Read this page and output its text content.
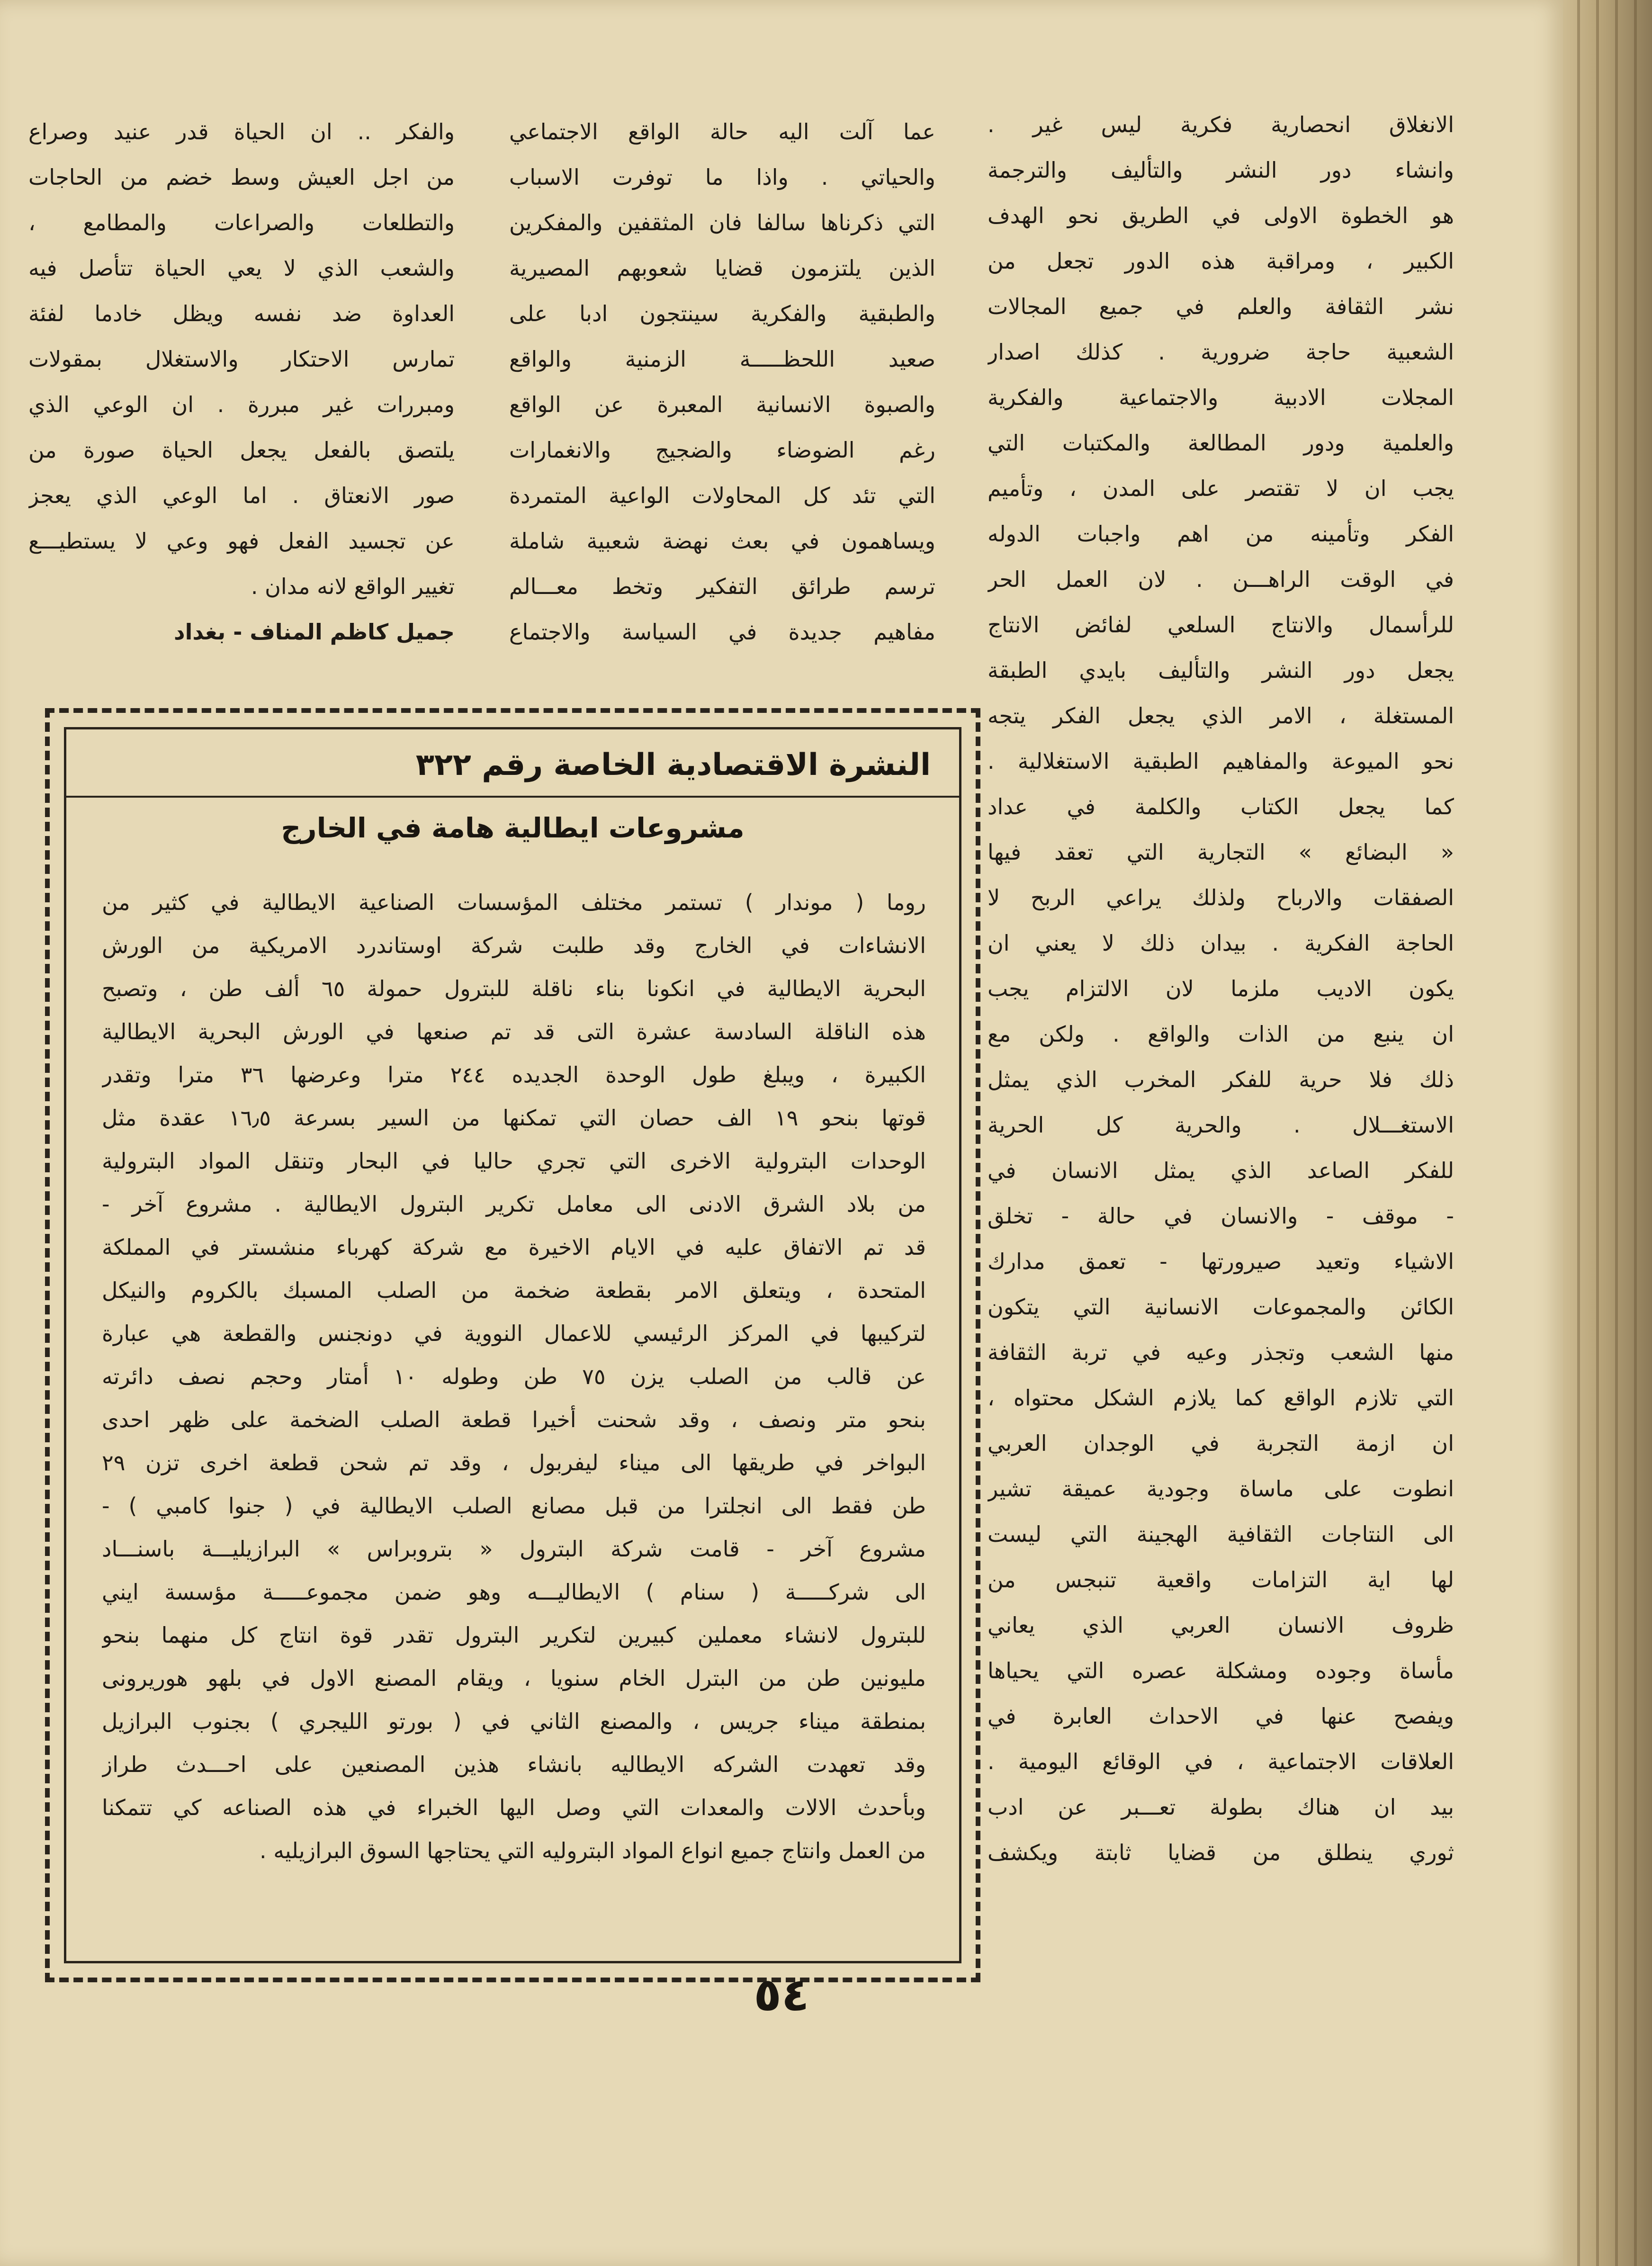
الانغلاق انحصارية فكرية ليس غير .
وانشاء دور النشر والتأليف والترجمة
هو الخطوة الاولى في الطريق نحو الهدف
الكبير ، ومراقبة هذه الدور تجعل من
نشر الثقافة والعلم في جميع المجالات
الشعبية حاجة ضرورية . كذلك اصدار
المجلات الادبية والاجتماعية والفكرية
والعلمية ودور المطالعة والمكتبات التي
يجب ان لا تقتصر على المدن ، وتأميم
الفكر وتأمينه من اهم واجبات الدوله
في الوقت الراهـــن . لان العمل الحر
للرأسمال والانتاج السلعي لفائض الانتاج
يجعل دور النشر والتأليف بايدي الطبقة
المستغلة ، الامر الذي يجعل الفكر يتجه
نحو الميوعة والمفاهيم الطبقية الاستغلالية .
كما يجعل الكتاب والكلمة في عداد
« البضائع » التجارية التي تعقد فيها
الصفقات والارباح ولذلك يراعي الربح لا
الحاجة الفكرية . بيدان ذلك لا يعني ان
يكون الاديب ملزما لان الالتزام يجب
ان ينبع من الذات والواقع . ولكن مع
ذلك فلا حرية للفكر المخرب الذي يمثل
الاستغـــلال . والحرية كل الحرية
للفكر الصاعد الذي يمثل الانسان في
- موقف - والانسان في حالة - تخلق
الاشياء وتعيد صيرورتها - تعمق مدارك
الكائن والمجموعات الانسانية التي يتكون
منها الشعب وتجذر وعيه في تربة الثقافة
التي تلازم الواقع كما يلازم الشكل محتواه ،
ان ازمة التجربة في الوجدان العربي
انطوت على ماساة وجودية عميقة تشير
الى النتاجات الثقافية الهجينة التي ليست
لها اية التزامات واقعية تنبجس من
ظروف الانسان العربي الذي يعاني
مأساة وجوده ومشكلة عصره التي يحياها
ويفصح عنها في الاحداث العابرة في
العلاقات الاجتماعية ، في الوقائع اليومية .
بيد ان هناك بطولة تعـــبر عن ادب
ثوري ينطلق من قضايا ثابتة ويكشف
عما آلت اليه حالة الواقع الاجتماعي
والحياتي . واذا ما توفرت الاسباب
التي ذكرناها سالفا فان المثقفين والمفكرين
الذين يلتزمون قضايا شعوبهم المصيرية
والطبقية والفكرية سينتجون ادبا على
صعيد اللحظـــــة الزمنية والواقع
والصبوة الانسانية المعبرة عن الواقع
رغم الضوضاء والضجيج والانغمارات
التي تئد كل المحاولات الواعية المتمردة
ويساهمون في بعث نهضة شعبية شاملة
ترسم طرائق التفكير وتخط معـــالم
مفاهيم جديدة في السياسة والاجتماع
والفكر .. ان الحياة قدر عنيد وصراع
من اجل العيش وسط خضم من الحاجات
والتطلعات والصراعات والمطامع ،
والشعب الذي لا يعي الحياة تتأصل فيه
العداوة ضد نفسه ويظل خادما لفئة
تمارس الاحتكار والاستغلال بمقولات
ومبررات غير مبررة . ان الوعي الذي
يلتصق بالفعل يجعل الحياة صورة من
صور الانعتاق . اما الوعي الذي يعجز
عن تجسيد الفعل فهو وعي لا يستطيـــع
تغيير الواقع لانه مدان .
جميل كاظم المناف - بغداد
النشرة الاقتصادية الخاصة رقم ٣٢٢
مشروعات ايطالية هامة في الخارج
روما ( موندار ) تستمر مختلف المؤسسات الصناعية الايطالية في كثير من
الانشاءات في الخارج وقد طلبت شركة اوستاندرد الامريكية من الورش
البحرية الايطالية في انكونا بناء ناقلة للبترول حمولة ٦٥ ألف طن ، وتصبح
هذه الناقلة السادسة عشرة التى قد تم صنعها في الورش البحرية الايطالية
الكبيرة ، ويبلغ طول الوحدة الجديده ٢٤٤ مترا وعرضها ٣٦ مترا وتقدر
قوتها بنحو ١٩ الف حصان التي تمكنها من السير بسرعة ١٦٫٥ عقدة مثل
الوحدات البترولية الاخرى التي تجري حاليا في البحار وتنقل المواد البترولية
من بلاد الشرق الادنى الى معامل تكرير البترول الايطالية . مشروع آخر -
قد تم الاتفاق عليه في الايام الاخيرة مع شركة كهرباء منشستر في المملكة
المتحدة ، ويتعلق الامر بقطعة ضخمة من الصلب المسبك بالكروم والنيكل
لتركيبها في المركز الرئيسي للاعمال النووية في دونجنس والقطعة هي عبارة
عن قالب من الصلب يزن ٧٥ طن وطوله ١٠ أمتار وحجم نصف دائرته
بنحو متر ونصف ، وقد شحنت أخيرا قطعة الصلب الضخمة على ظهر احدى
البواخر في طريقها الى ميناء ليفربول ، وقد تم شحن قطعة اخرى تزن ٢٩
طن فقط الى انجلترا من قبل مصانع الصلب الايطالية في ( جنوا كامبي ) -
مشروع آخر - قامت شركة البترول « بتروبراس » البرازيليـــة باسنـــاد
الى شركـــــة ( سنام ) الايطاليـــه وهو ضمن مجموعـــــة مؤسسة ايني
للبترول لانشاء معملين كبيرين لتكرير البترول تقدر قوة انتاج كل منهما بنحو
مليونين طن من البترل الخام سنويا ، ويقام المصنع الاول في بلهو هوريرونى
بمنطقة ميناء جريس ، والمصنع الثاني في ( بورتو الليجري ) بجنوب البرازيل
وقد تعهدت الشركه الايطاليه بانشاء هذين المصنعين على احـــدث طراز
وبأحدث الالات والمعدات التي وصل اليها الخبراء في هذه الصناعه كي تتمكنا
من العمل وانتاج جميع انواع المواد البتروليه التي يحتاجها السوق البرازيليه .
٥٤
